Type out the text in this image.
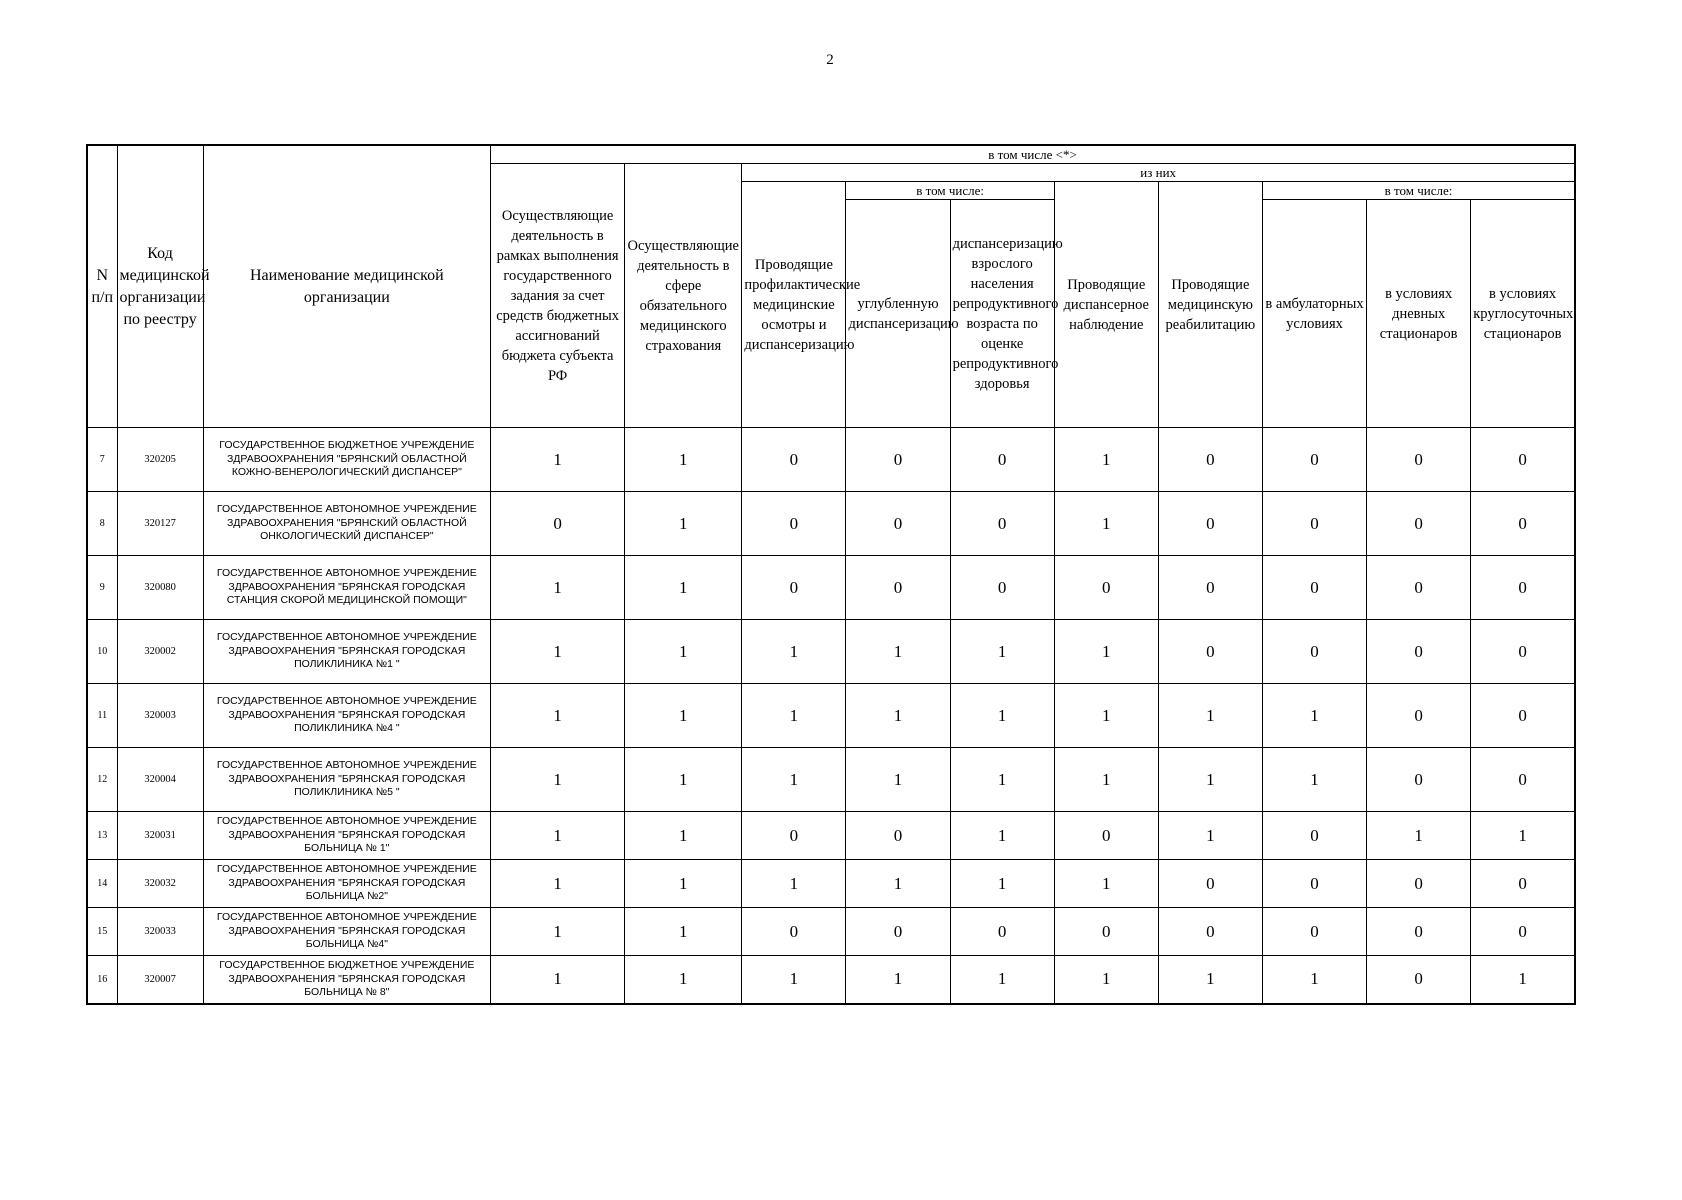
2
N п/п	Код медицинской организации по реестру	Наименование медицинской организации	в том числе <*>									
			Осуществляющие деятельность в рамках выполнения государственного задания за счет средств бюджетных ассигнований бюджета субъекта РФ	Осуществляющие деятельность в сфере обязательного медицинского страхования	из них							
					Проводящие профилактические медицинские осмотры и диспансеризацию	в том числе:		Проводящие диспансерное наблюдение	Проводящие медицинскую реабилитацию	в том числе:		
						углубленную диспансеризацию	диспансеризацию взрослого населения репродуктивного возраста по оценке репродуктивного здоровья			в амбулаторных условиях	в условиях дневных стационаров	в условиях круглосуточных стационаров
7	320205	ГОСУДАРСТВЕННОЕ БЮДЖЕТНОЕ УЧРЕЖДЕНИЕ ЗДРАВООХРАНЕНИЯ "БРЯНСКИЙ ОБЛАСТНОЙ КОЖНО-ВЕНЕРОЛОГИЧЕСКИЙ ДИСПАНСЕР"	1	1	0	0	0	1	0	0	0	0
8	320127	ГОСУДАРСТВЕННОЕ АВТОНОМНОЕ УЧРЕЖДЕНИЕ ЗДРАВООХРАНЕНИЯ "БРЯНСКИЙ ОБЛАСТНОЙ ОНКОЛОГИЧЕСКИЙ ДИСПАНСЕР"	0	1	0	0	0	1	0	0	0	0
9	320080	ГОСУДАРСТВЕННОЕ АВТОНОМНОЕ УЧРЕЖДЕНИЕ ЗДРАВООХРАНЕНИЯ "БРЯНСКАЯ ГОРОДСКАЯ СТАНЦИЯ СКОРОЙ МЕДИЦИНСКОЙ ПОМОЩИ"	1	1	0	0	0	0	0	0	0	0
10	320002	ГОСУДАРСТВЕННОЕ АВТОНОМНОЕ УЧРЕЖДЕНИЕ ЗДРАВООХРАНЕНИЯ "БРЯНСКАЯ ГОРОДСКАЯ ПОЛИКЛИНИКА №1 "	1	1	1	1	1	1	0	0	0	0
11	320003	ГОСУДАРСТВЕННОЕ АВТОНОМНОЕ УЧРЕЖДЕНИЕ ЗДРАВООХРАНЕНИЯ "БРЯНСКАЯ ГОРОДСКАЯ ПОЛИКЛИНИКА №4 "	1	1	1	1	1	1	1	1	0	0
12	320004	ГОСУДАРСТВЕННОЕ АВТОНОМНОЕ УЧРЕЖДЕНИЕ ЗДРАВООХРАНЕНИЯ "БРЯНСКАЯ ГОРОДСКАЯ ПОЛИКЛИНИКА №5 "	1	1	1	1	1	1	1	1	0	0
13	320031	ГОСУДАРСТВЕННОЕ АВТОНОМНОЕ УЧРЕЖДЕНИЕ ЗДРАВООХРАНЕНИЯ "БРЯНСКАЯ ГОРОДСКАЯ БОЛЬНИЦА № 1"	1	1	0	0	1	0	1	0	1	1
14	320032	ГОСУДАРСТВЕННОЕ АВТОНОМНОЕ УЧРЕЖДЕНИЕ ЗДРАВООХРАНЕНИЯ "БРЯНСКАЯ ГОРОДСКАЯ БОЛЬНИЦА №2"	1	1	1	1	1	1	0	0	0	0
15	320033	ГОСУДАРСТВЕННОЕ АВТОНОМНОЕ УЧРЕЖДЕНИЕ ЗДРАВООХРАНЕНИЯ "БРЯНСКАЯ ГОРОДСКАЯ БОЛЬНИЦА №4"	1	1	0	0	0	0	0	0	0	0
16	320007	ГОСУДАРСТВЕННОЕ БЮДЖЕТНОЕ УЧРЕЖДЕНИЕ ЗДРАВООХРАНЕНИЯ "БРЯНСКАЯ ГОРОДСКАЯ БОЛЬНИЦА № 8"	1	1	1	1	1	1	1	1	0	1
